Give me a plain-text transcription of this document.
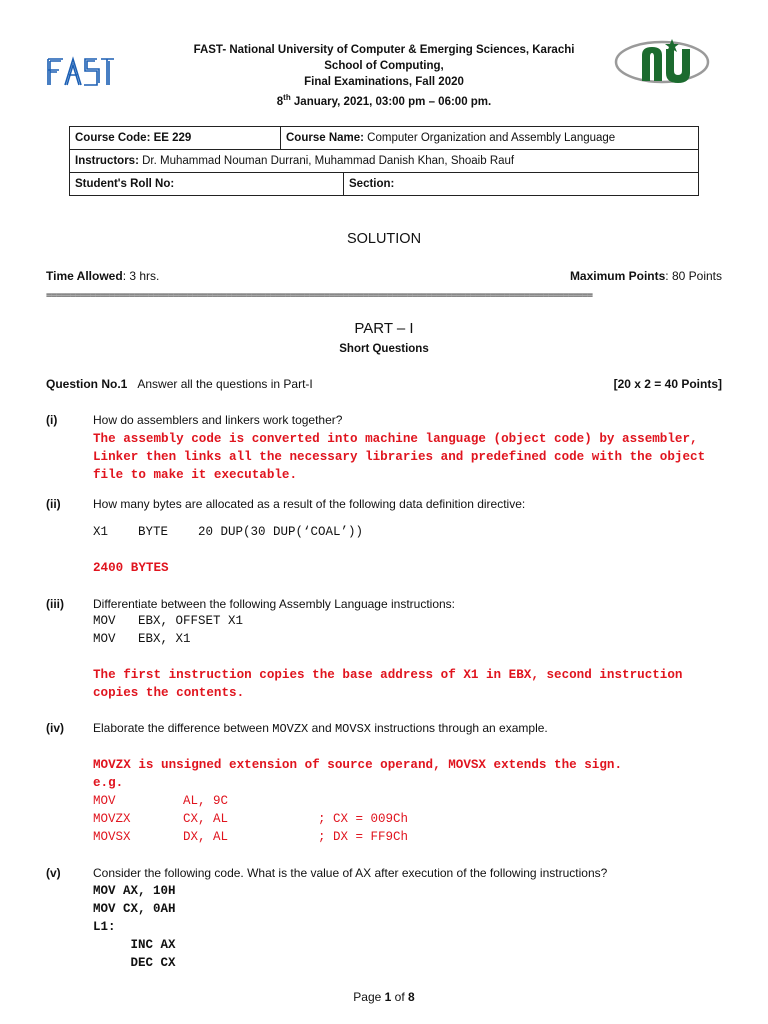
FAST- National University of Computer & Emerging Sciences, Karachi
School of Computing,
Final Examinations, Fall 2020
8th January, 2021, 03:00 pm – 06:00 pm.
Course Code: EE 229	Course Name: Computer Organization and Assembly Language	
Instructors: Dr. Muhammad Nouman Durrani, Muhammad Danish Khan, Shoaib Rauf		
Student's Roll No:		Section:
SOLUTION
Time Allowed: 3 hrs.	Maximum Points: 80 Points
================================================================================================================
PART – I
Short Questions
Question No.1 Answer all the questions in Part-I	[20 x 2 = 40 Points]
(i)	How do assemblers and linkers work together?
The assembly code is converted into machine language (object code) by assembler, Linker then links all the necessary libraries and predefined code with the object file to make it executable.
(ii)	How many bytes are allocated as a result of the following data definition directive:
X1    BYTE    20 DUP(30 DUP(‘COAL’))
2400 BYTES
(iii) Differentiate between the following Assembly Language instructions:
MOV   EBX, OFFSET X1
MOV   EBX, X1
The first instruction copies the base address of X1 in EBX, second instruction copies the contents.
(iv) Elaborate the difference between MOVZX and MOVSX instructions through an example.
MOVZX is unsigned extension of source operand, MOVSX extends the sign.
e.g.
MOV         AL, 9C
MOVZX       CX, AL            ; CX = 009Ch
MOVSX       DX, AL            ; DX = FF9Ch
(v)	Consider the following code. What is the value of AX after execution of the following instructions?
MOV AX, 10H
MOV CX, 0AH
L1:
INC AX
DEC CX
Page 1 of 8
